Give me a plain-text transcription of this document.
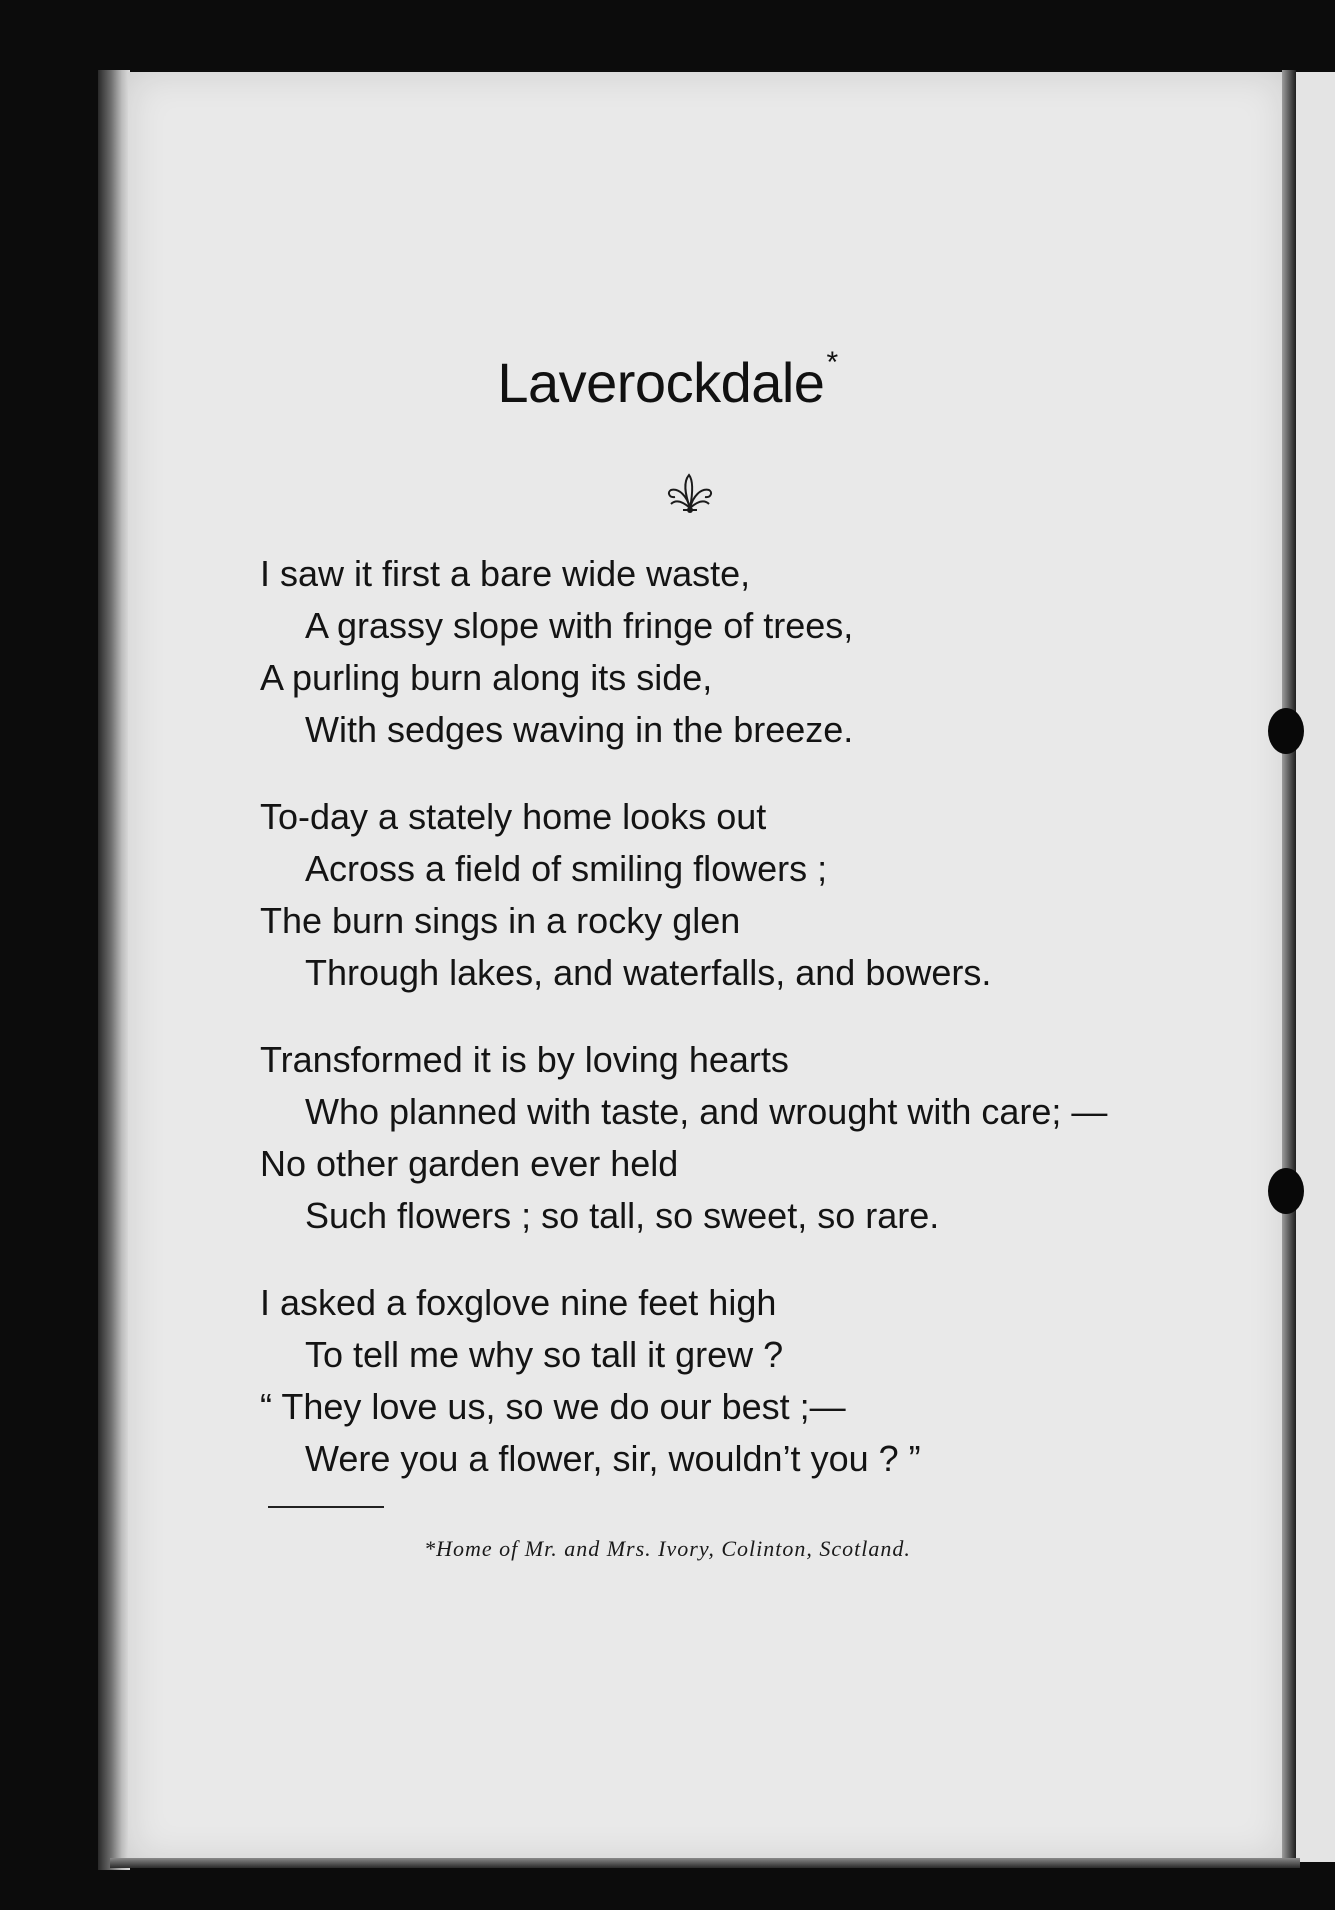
Laverockdale*
I saw it first a bare wide waste,
A grassy slope with fringe of trees,
A purling burn along its side,
With sedges waving in the breeze.
To-day a stately home looks out
Across a field of smiling flowers ;
The burn sings in a rocky glen
Through lakes, and waterfalls, and bowers.
Transformed it is by loving hearts
Who planned with taste, and wrought with care; —
No other garden ever held
Such flowers ; so tall, so sweet, so rare.
I asked a foxglove nine feet high
To tell me why so tall it grew ?
“ They love us, so we do our best ;—
Were you a flower, sir, wouldn’t you ? ”
*Home of Mr. and Mrs. Ivory, Colinton, Scotland.
